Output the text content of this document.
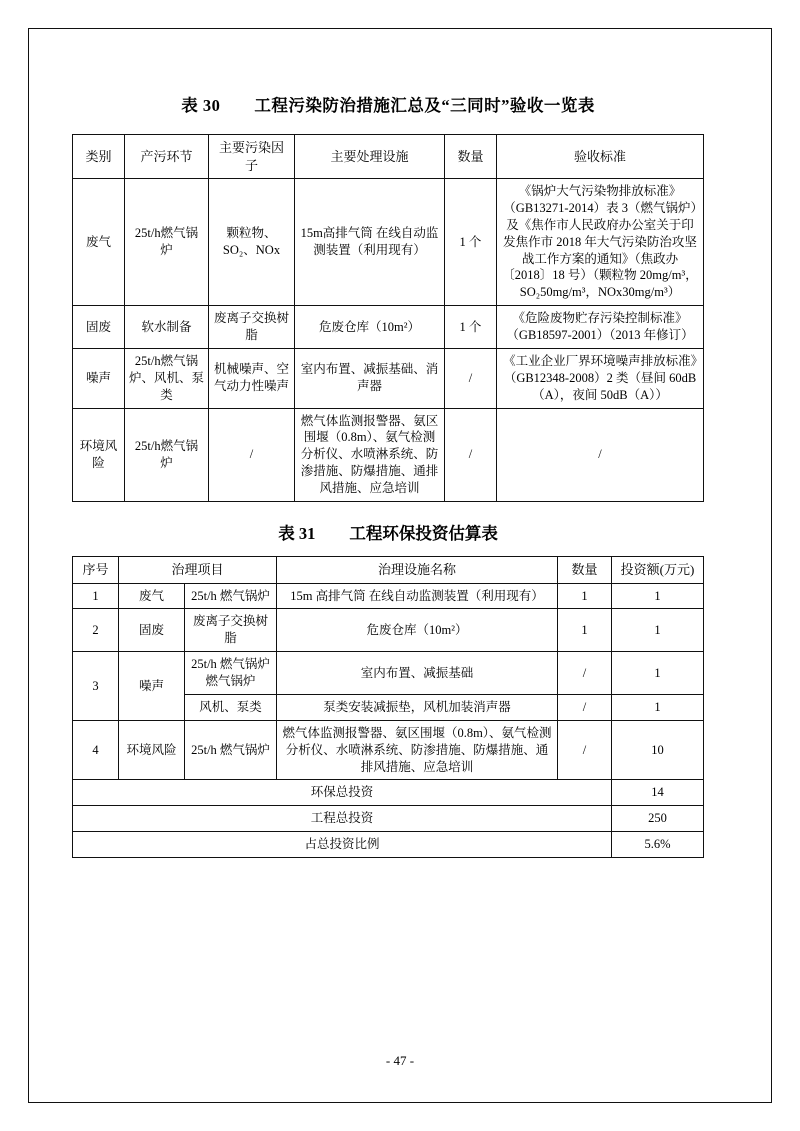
表 30 工程污染防治措施汇总及“三同时”验收一览表
类别	产污环节	主要污染因子	主要处理设施	数量	验收标准
废气	25t/h燃气锅炉	颗粒物、SO₂、NOx	15m高排气筒 在线自动监测装置（利用现有）	1 个	《锅炉大气污染物排放标准》（GB13271-2014）表 3（燃气锅炉）及《焦作市人民政府办公室关于印发焦作市 2018 年大气污染防治攻坚战工作方案的通知》（焦政办〔2018〕18 号）（颗粒物 20mg/m³，SO₂50mg/m³，NOx30mg/m³）
固废	软水制备	废离子交换树脂	危废仓库（10m²）	1 个	《危险废物贮存污染控制标准》（GB18597-2001）（2013 年修订）
噪声	25t/h燃气锅炉、风机、泵类	机械噪声、空气动力性噪声	室内布置、减振基础、消声器	/	《工业企业厂界环境噪声排放标准》（GB12348-2008）2 类（昼间 60dB（A），夜间 50dB（A））
环境风险	25t/h燃气锅炉	/	燃气体监测报警器、氨区围堰（0.8m）、氨气检测分析仪、水喷淋系统、防渗措施、防爆措施、通排风措施、应急培训	/	/
表 31 工程环保投资估算表
序号	治理项目		治理设施名称	数量	投资额(万元)
1	废气	25t/h 燃气锅炉	15m 高排气筒 在线自动监测装置（利用现有）	1	1
2	固废	废离子交换树脂	危废仓库（10m²）	1	1
3	噪声	25t/h 燃气锅炉燃气锅炉	室内布置、减振基础	/	1
		风机、泵类	泵类安装减振垫，风机加装消声器	/	1
4	环境风险	25t/h 燃气锅炉	燃气体监测报警器、氨区围堰（0.8m）、氨气检测分析仪、水喷淋系统、防渗措施、防爆措施、通排风措施、应急培训	/	10
环保总投资					14
工程总投资					250
占总投资比例					5.6%
- 47 -
